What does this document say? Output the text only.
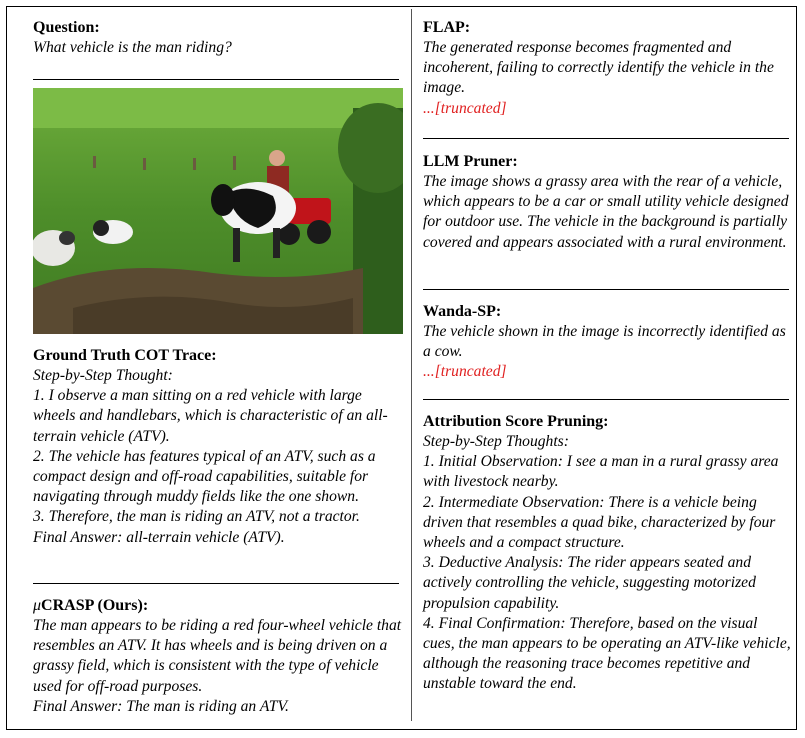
Question:
What vehicle is the man riding?
Ground Truth COT Trace:
Step-by-Step Thought:
1. I observe a man sitting on a red vehicle with large wheels and handlebars, which is characteristic of an all-terrain vehicle (ATV).
2. The vehicle has features typical of an ATV, such as a compact design and off-road capabilities, suitable for navigating through muddy fields like the one shown.
3. Therefore, the man is riding an ATV, not a tractor.
Final Answer: all-terrain vehicle (ATV).
μCRASP (Ours):
The man appears to be riding a red four-wheel vehicle that resembles an ATV. It has wheels and is being driven on a grassy field, which is consistent with the type of vehicle used for off-road purposes.
Final Answer: The man is riding an ATV.
FLAP:
The generated response becomes fragmented and incoherent, failing to correctly identify the vehicle in the image.
...[truncated]
LLM Pruner:
The image shows a grassy area with the rear of a vehicle, which appears to be a car or small utility vehicle designed for outdoor use. The vehicle in the background is partially covered and appears associated with a rural environment.
Wanda-SP:
The vehicle shown in the image is incorrectly identified as a cow.
...[truncated]
Attribution Score Pruning:
Step-by-Step Thoughts:
1. Initial Observation: I see a man in a rural grassy area with livestock nearby.
2. Intermediate Observation: There is a vehicle being driven that resembles a quad bike, characterized by four wheels and a compact structure.
3. Deductive Analysis: The rider appears seated and actively controlling the vehicle, suggesting motorized propulsion capability.
4. Final Confirmation: Therefore, based on the visual cues, the man appears to be operating an ATV-like vehicle, although the reasoning trace becomes repetitive and unstable toward the end.
